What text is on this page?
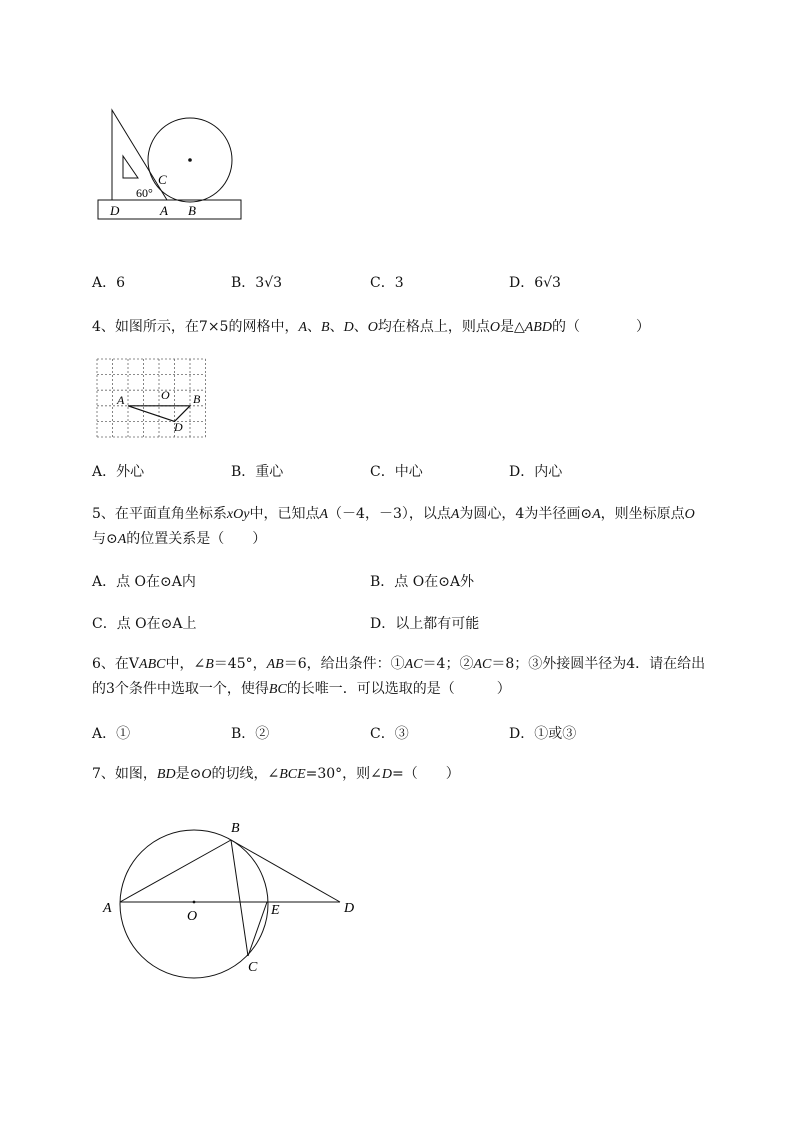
60°
C
D	A B
A．6	B．3√3	C．3	D．6√3
4、如图所示，在7×5的网格中，A、B、D、O均在格点上，则点O是△ABD的（　　　　）
A	O B
D
A．外心	B．重心	C．中心	D．内心
5、在平面直角坐标系xOy中，已知点A（－4，－3），以点A为圆心，4为半径画⊙A，则坐标原点O
与⊙A的位置关系是（　　）
A．点 O在⊙A内	B．点 O在⊙A外
C．点 O在⊙A上	D．以上都有可能
6、在VABC中，∠B＝45°，AB＝6，给出条件：①AC＝4；②AC＝8；③外接圆半径为4．请在给出
的3个条件中选取一个，使得BC的长唯一．可以选取的是（　　　）
A．①	B．②	C．③	D．①或③
7、如图，BD是⊙O的切线，∠BCE=30°，则∠D=（　　）
A
B
O	E	D
C
